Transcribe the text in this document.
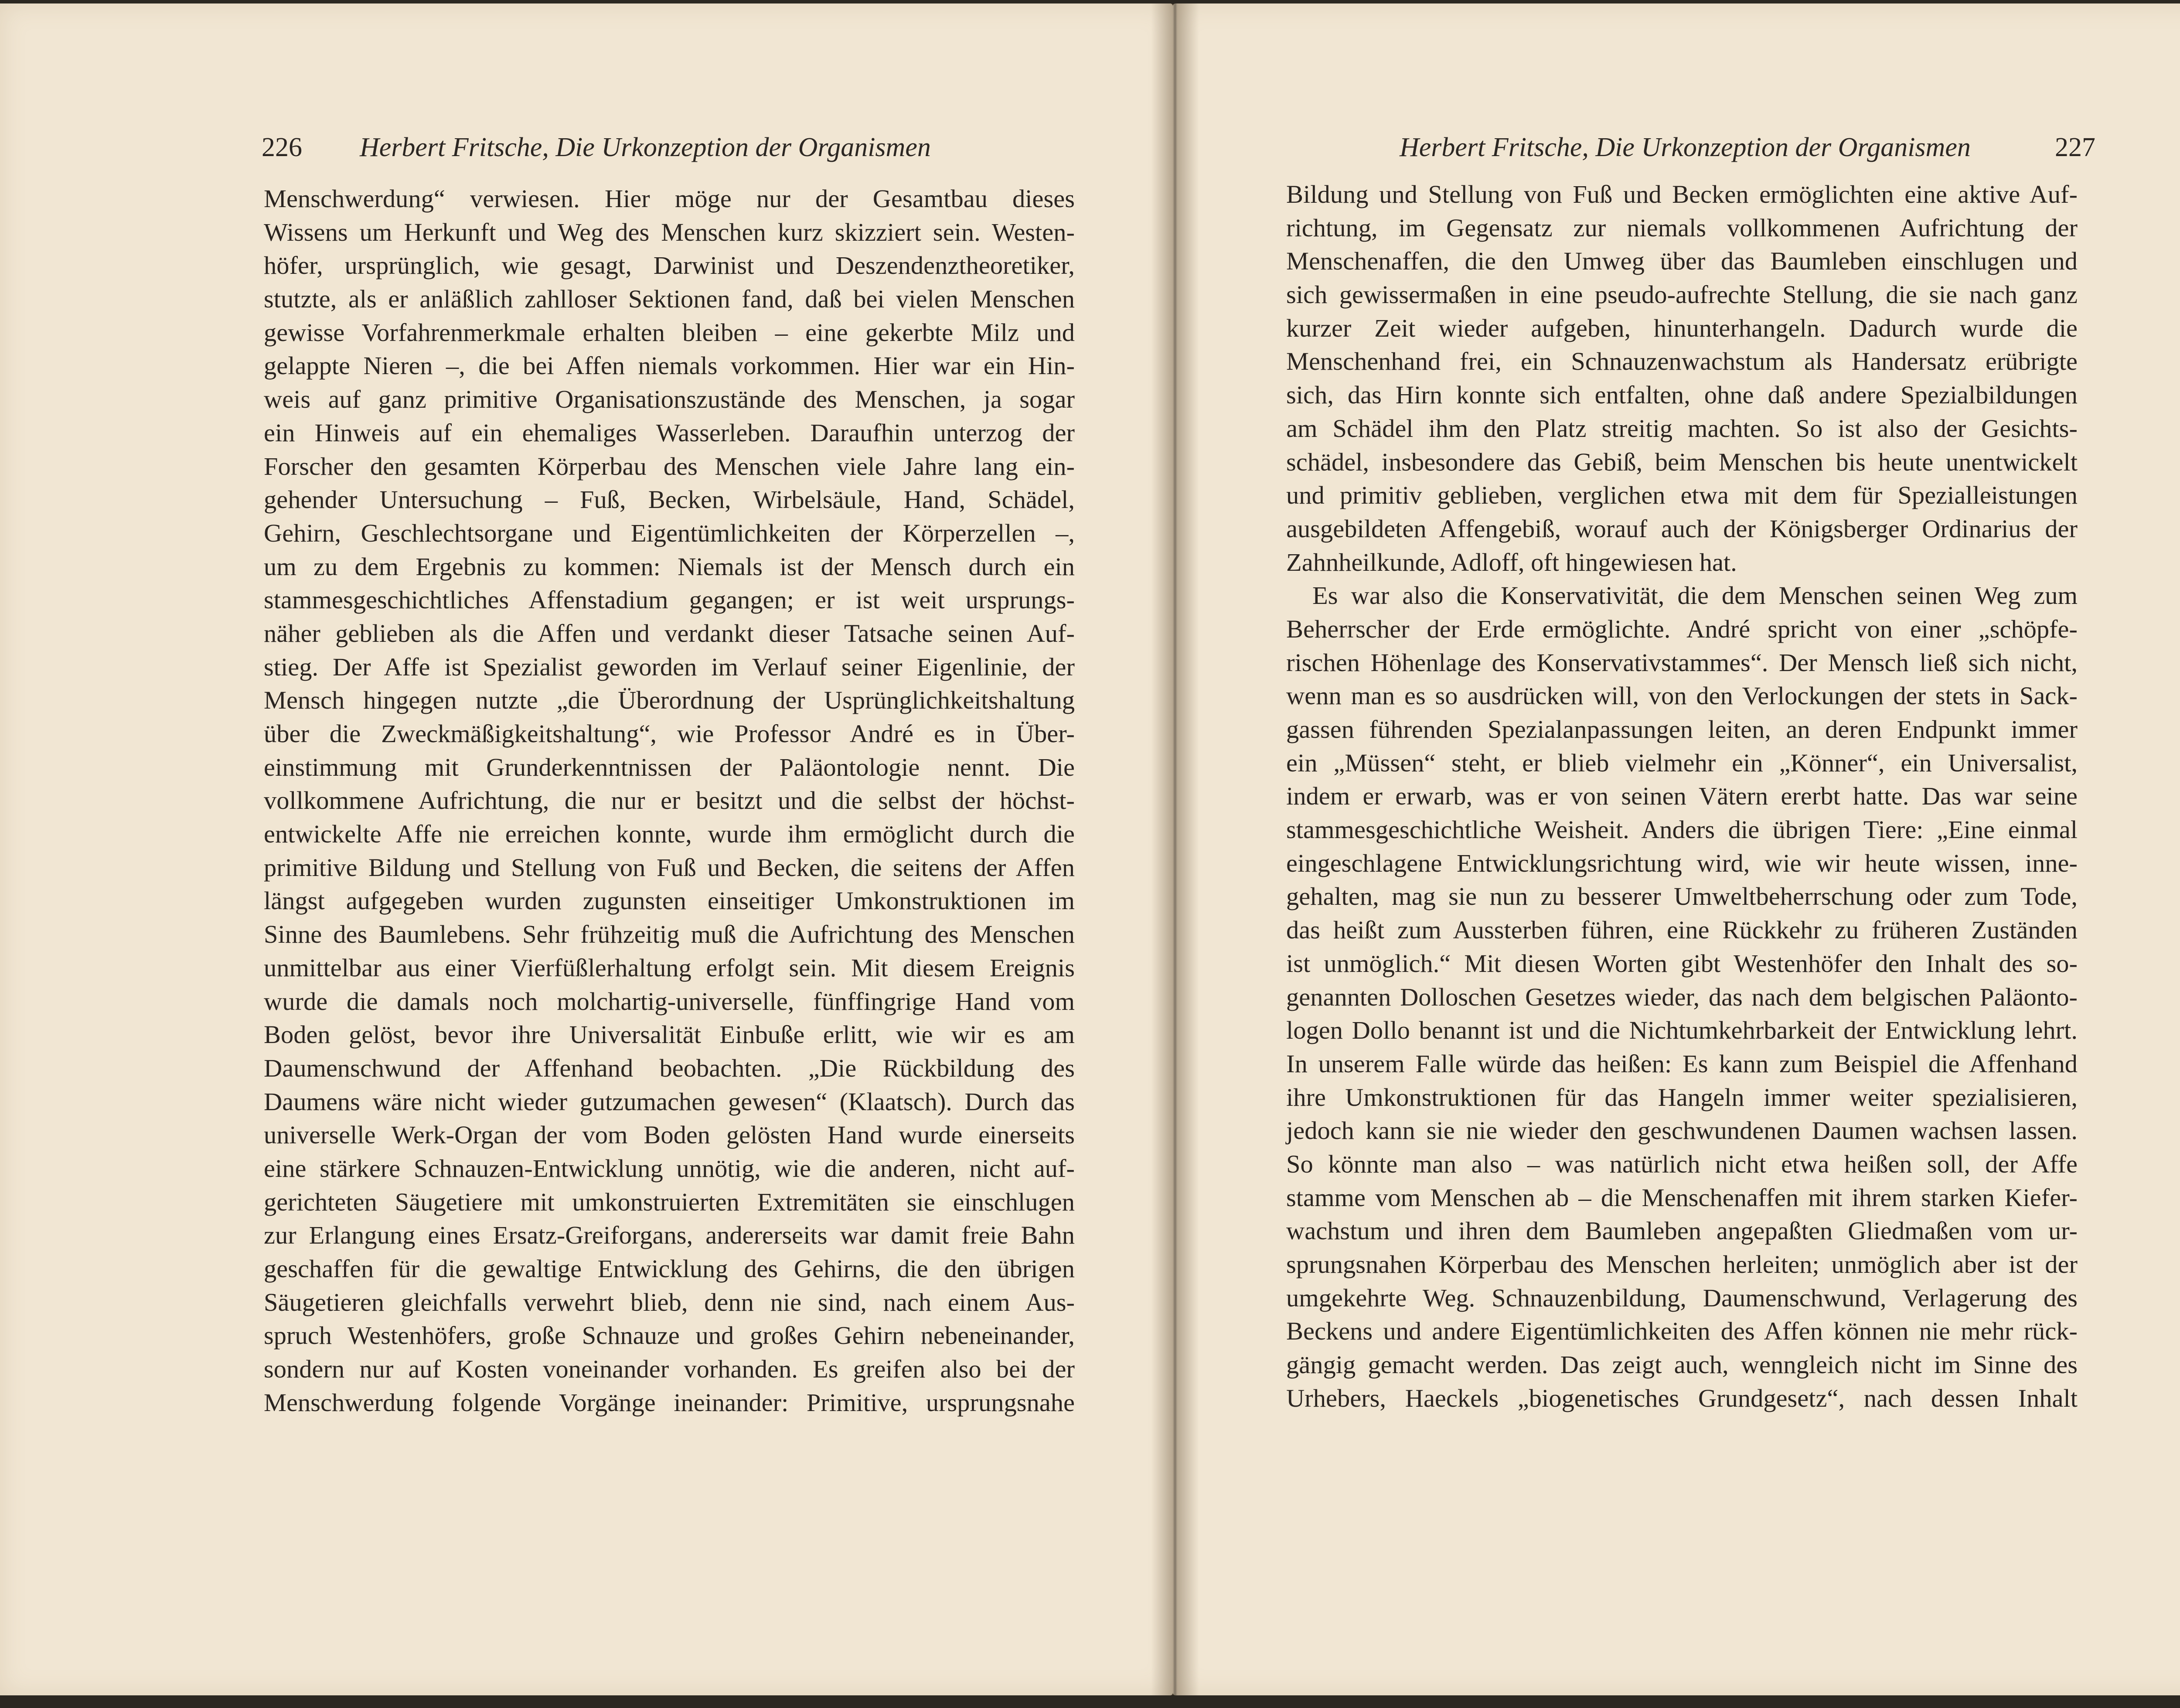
226 Herbert Fritsche, Die Urkonzeption der Organismen
Menschwerdung“ verwiesen. Hier möge nur der Gesamtbau dieses
Wissens um Herkunft und Weg des Menschen kurz skizziert sein. Westen-
höfer, ursprünglich, wie gesagt, Darwinist und Deszendenztheoretiker,
stutzte, als er anläßlich zahlloser Sektionen fand, daß bei vielen Menschen
gewisse Vorfahrenmerkmale erhalten bleiben – eine gekerbte Milz und
gelappte Nieren –, die bei Affen niemals vorkommen. Hier war ein Hin-
weis auf ganz primitive Organisationszustände des Menschen, ja sogar
ein Hinweis auf ein ehemaliges Wasserleben. Daraufhin unterzog der
Forscher den gesamten Körperbau des Menschen viele Jahre lang ein-
gehender Untersuchung – Fuß, Becken, Wirbelsäule, Hand, Schädel,
Gehirn, Geschlechtsorgane und Eigentümlichkeiten der Körperzellen –,
um zu dem Ergebnis zu kommen: Niemals ist der Mensch durch ein
stammesgeschichtliches Affenstadium gegangen; er ist weit ursprungs-
näher geblieben als die Affen und verdankt dieser Tatsache seinen Auf-
stieg. Der Affe ist Spezialist geworden im Verlauf seiner Eigenlinie, der
Mensch hingegen nutzte „die Überordnung der Usprünglichkeitshaltung
über die Zweckmäßigkeitshaltung“, wie Professor André es in Über-
einstimmung mit Grunderkenntnissen der Paläontologie nennt. Die
vollkommene Aufrichtung, die nur er besitzt und die selbst der höchst-
entwickelte Affe nie erreichen konnte, wurde ihm ermöglicht durch die
primitive Bildung und Stellung von Fuß und Becken, die seitens der Affen
längst aufgegeben wurden zugunsten einseitiger Umkonstruktionen im
Sinne des Baumlebens. Sehr frühzeitig muß die Aufrichtung des Menschen
unmittelbar aus einer Vierfüßlerhaltung erfolgt sein. Mit diesem Ereignis
wurde die damals noch molchartig-universelle, fünffingrige Hand vom
Boden gelöst, bevor ihre Universalität Einbuße erlitt, wie wir es am
Daumenschwund der Affenhand beobachten. „Die Rückbildung des
Daumens wäre nicht wieder gutzumachen gewesen“ (Klaatsch). Durch das
universelle Werk-Organ der vom Boden gelösten Hand wurde einerseits
eine stärkere Schnauzen-Entwicklung unnötig, wie die anderen, nicht auf-
gerichteten Säugetiere mit umkonstruierten Extremitäten sie einschlugen
zur Erlangung eines Ersatz-Greiforgans, andererseits war damit freie Bahn
geschaffen für die gewaltige Entwicklung des Gehirns, die den übrigen
Säugetieren gleichfalls verwehrt blieb, denn nie sind, nach einem Aus-
spruch Westenhöfers, große Schnauze und großes Gehirn nebeneinander,
sondern nur auf Kosten voneinander vorhanden. Es greifen also bei der
Menschwerdung folgende Vorgänge ineinander: Primitive, ursprungsnahe
Herbert Fritsche, Die Urkonzeption der Organismen	227
Bildung und Stellung von Fuß und Becken ermöglichten eine aktive Auf-
richtung, im Gegensatz zur niemals vollkommenen Aufrichtung der
Menschenaffen, die den Umweg über das Baumleben einschlugen und
sich gewissermaßen in eine pseudo-aufrechte Stellung, die sie nach ganz
kurzer Zeit wieder aufgeben, hinunterhangeln. Dadurch wurde die
Menschenhand frei, ein Schnauzenwachstum als Handersatz erübrigte
sich, das Hirn konnte sich entfalten, ohne daß andere Spezialbildungen
am Schädel ihm den Platz streitig machten. So ist also der Gesichts-
schädel, insbesondere das Gebiß, beim Menschen bis heute unentwickelt
und primitiv geblieben, verglichen etwa mit dem für Spezialleistungen
ausgebildeten Affengebiß, worauf auch der Königsberger Ordinarius der
Zahnheilkunde, Adloff, oft hingewiesen hat.
Es war also die Konservativität, die dem Menschen seinen Weg zum
Beherrscher der Erde ermöglichte. André spricht von einer „schöpfe-
rischen Höhenlage des Konservativstammes“. Der Mensch ließ sich nicht,
wenn man es so ausdrücken will, von den Verlockungen der stets in Sack-
gassen führenden Spezialanpassungen leiten, an deren Endpunkt immer
ein „Müssen“ steht, er blieb vielmehr ein „Könner“, ein Universalist,
indem er erwarb, was er von seinen Vätern ererbt hatte. Das war seine
stammesgeschichtliche Weisheit. Anders die übrigen Tiere: „Eine einmal
eingeschlagene Entwicklungsrichtung wird, wie wir heute wissen, inne-
gehalten, mag sie nun zu besserer Umweltbeherrschung oder zum Tode,
das heißt zum Aussterben führen, eine Rückkehr zu früheren Zuständen
ist unmöglich.“ Mit diesen Worten gibt Westenhöfer den Inhalt des so-
genannten Dolloschen Gesetzes wieder, das nach dem belgischen Paläonto-
logen Dollo benannt ist und die Nichtumkehrbarkeit der Entwicklung lehrt.
In unserem Falle würde das heißen: Es kann zum Beispiel die Affenhand
ihre Umkonstruktionen für das Hangeln immer weiter spezialisieren,
jedoch kann sie nie wieder den geschwundenen Daumen wachsen lassen.
So könnte man also – was natürlich nicht etwa heißen soll, der Affe
stamme vom Menschen ab – die Menschenaffen mit ihrem starken Kiefer-
wachstum und ihren dem Baumleben angepaßten Gliedmaßen vom ur-
sprungsnahen Körperbau des Menschen herleiten; unmöglich aber ist der
umgekehrte Weg. Schnauzenbildung, Daumenschwund, Verlagerung des
Beckens und andere Eigentümlichkeiten des Affen können nie mehr rück-
gängig gemacht werden. Das zeigt auch, wenngleich nicht im Sinne des
Urhebers, Haeckels „biogenetisches Grundgesetz“, nach dessen Inhalt
